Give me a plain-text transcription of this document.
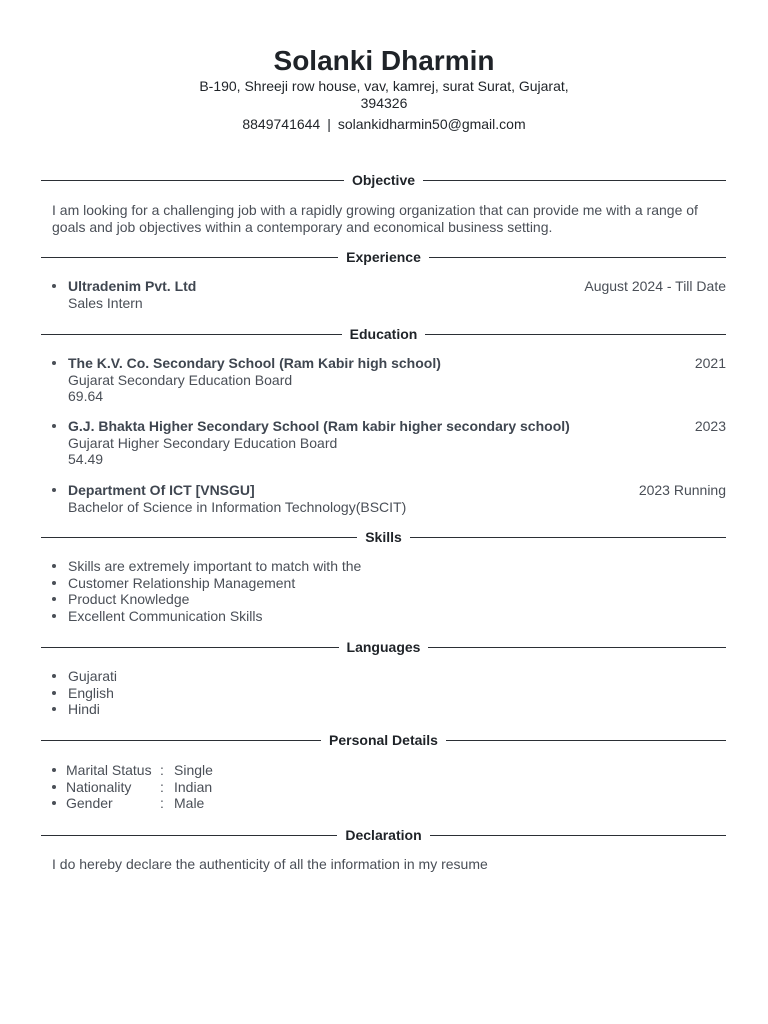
Solanki Dharmin
B-190, Shreeji row house, vav, kamrej, surat Surat, Gujarat,
394326
8849741644 | solankidharmin50@gmail.com
Objective
I am looking for a challenging job with a rapidly growing organization that can provide me with a range of goals and job objectives within a contemporary and economical business setting.
Experience
Ultradenim Pvt. Ltd	August 2024 - Till Date
Sales Intern
Education
The K.V. Co. Secondary School (Ram Kabir high school)	2021
Gujarat Secondary Education Board
69.64
G.J. Bhakta Higher Secondary School (Ram kabir higher secondary school)	2023
Gujarat Higher Secondary Education Board
54.49
Department Of ICT [VNSGU]	2023 Running
Bachelor of Science in Information Technology(BSCIT)
Skills
Skills are extremely important to match with the
Customer Relationship Management
Product Knowledge
Excellent Communication Skills
Languages
Gujarati
English
Hindi
Personal Details
Marital Status : Single
Nationality : Indian
Gender	: Male
Declaration
I do hereby declare the authenticity of all the information in my resume
